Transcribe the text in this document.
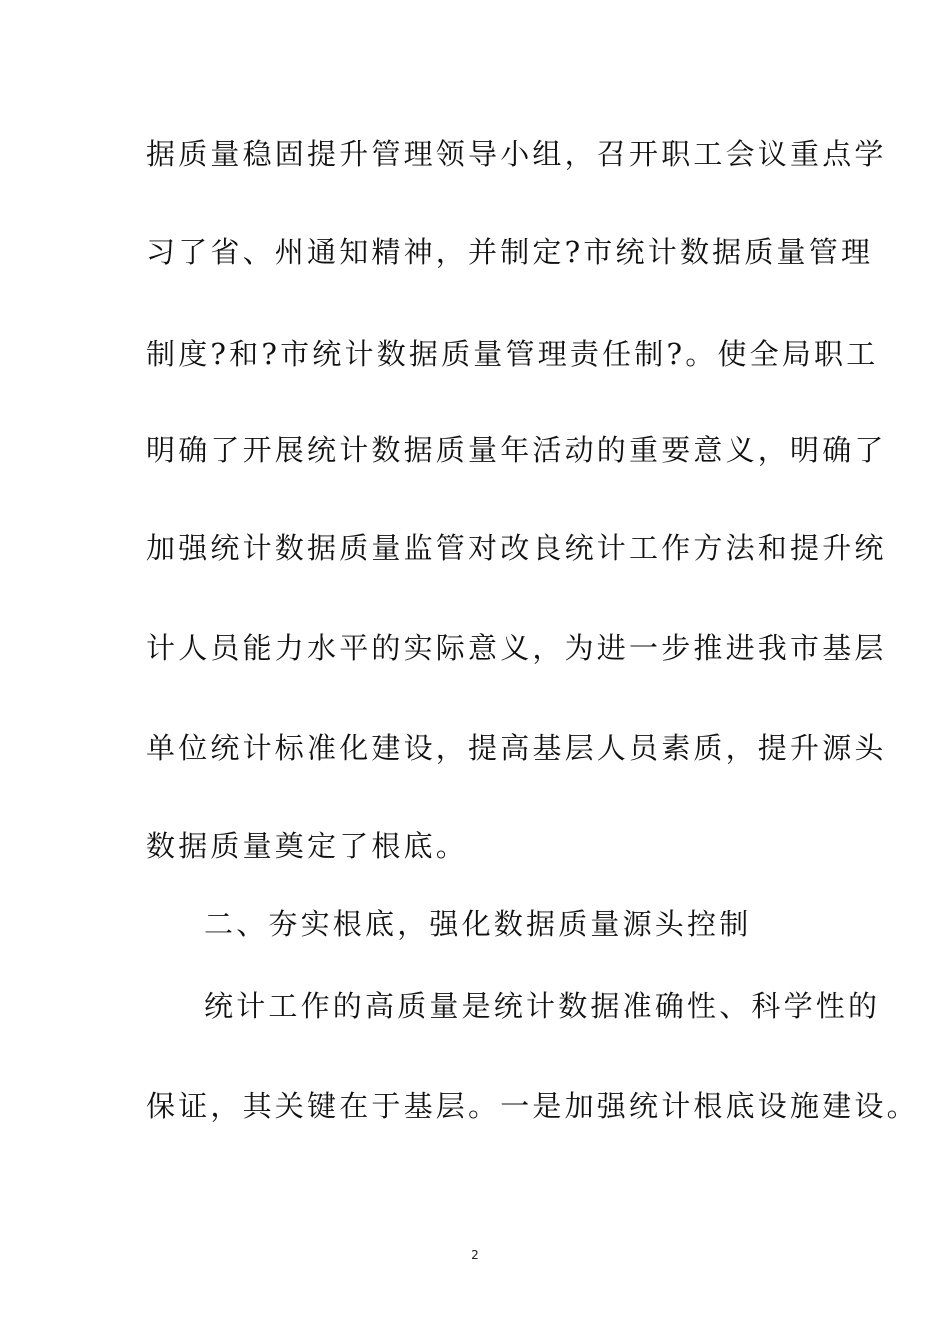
据质量稳固提升管理领导小组，召开职工会议重点学
习了省、州通知精神，并制定?市统计数据质量管理
制度?和?市统计数据质量管理责任制?。使全局职工
明确了开展统计数据质量年活动的重要意义，明确了
加强统计数据质量监管对改良统计工作方法和提升统
计人员能力水平的实际意义，为进一步推进我市基层
单位统计标准化建设，提高基层人员素质，提升源头
数据质量奠定了根底。
二、夯实根底，强化数据质量源头控制
统计工作的高质量是统计数据准确性、科学性的
保证，其关键在于基层。一是加强统计根底设施建设。
2
